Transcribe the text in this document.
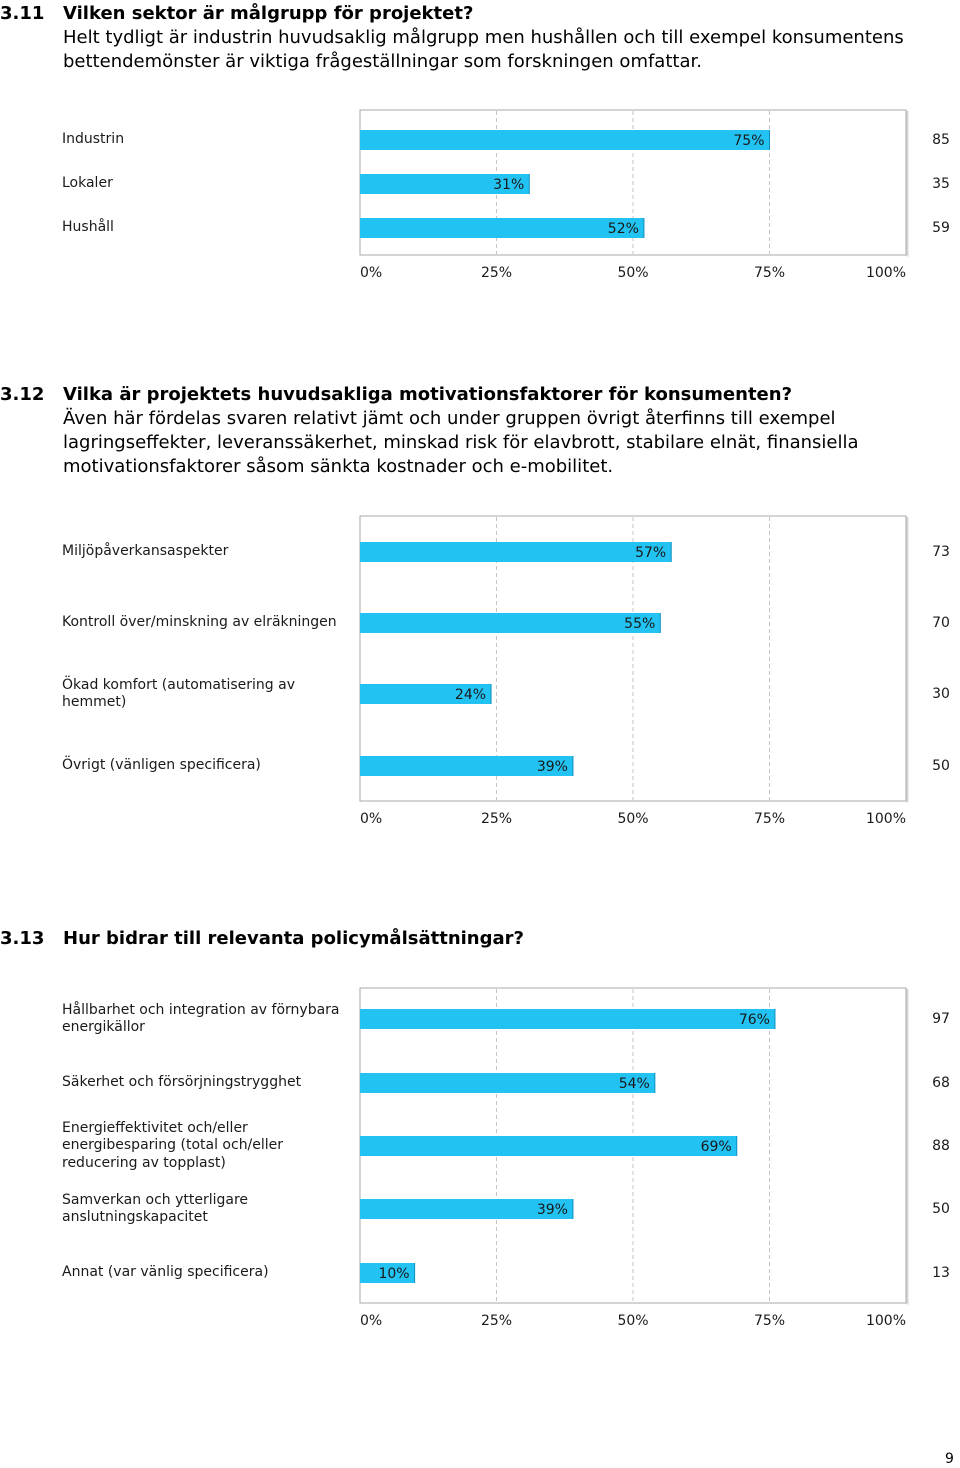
3.11	Vilken sektor är målgrupp för projektet?
Helt tydligt är industrin huvudsaklig målgrupp men hushållen och till exempel konsumentens bettendemönster är viktiga frågeställningar som forskningen omfattar.
0%	25%	50%	75%	100%
75%
31%
52%
Industrin	85
Lokaler	35
Hushåll	59
3.12	Vilka är projektets huvudsakliga motivationsfaktorer för konsumenten?
Även här fördelas svaren relativt jämt och under gruppen övrigt återfinns till exempel lagringseffekter, leveranssäkerhet, minskad risk för elavbrott, stabilare elnät, finansiella motivationsfaktorer såsom sänkta kostnader och e-mobilitet.
0%	25%	50%	75%	100%
57%
55%
24%
39%
Miljöpåverkansaspekter	73
Kontroll över/minskning av elräkningen	70
Ökad komfort (automatisering av hemmet)	30
Övrigt (vänligen specificera)	50
3.13	Hur bidrar till relevanta policymålsättningar?
0%	25%	50%	75%	100%
76%
54%
69%
39%
10%
Hållbarhet och integration av förnybara energikällor	97
Säkerhet och försörjningstrygghet	68
Energieffektivitet och/eller energibesparing (total och/eller reducering av topplast)
88
Samverkan och ytterligare anslutningskapacitet	50
Annat (var vänlig specificera)	13
9
